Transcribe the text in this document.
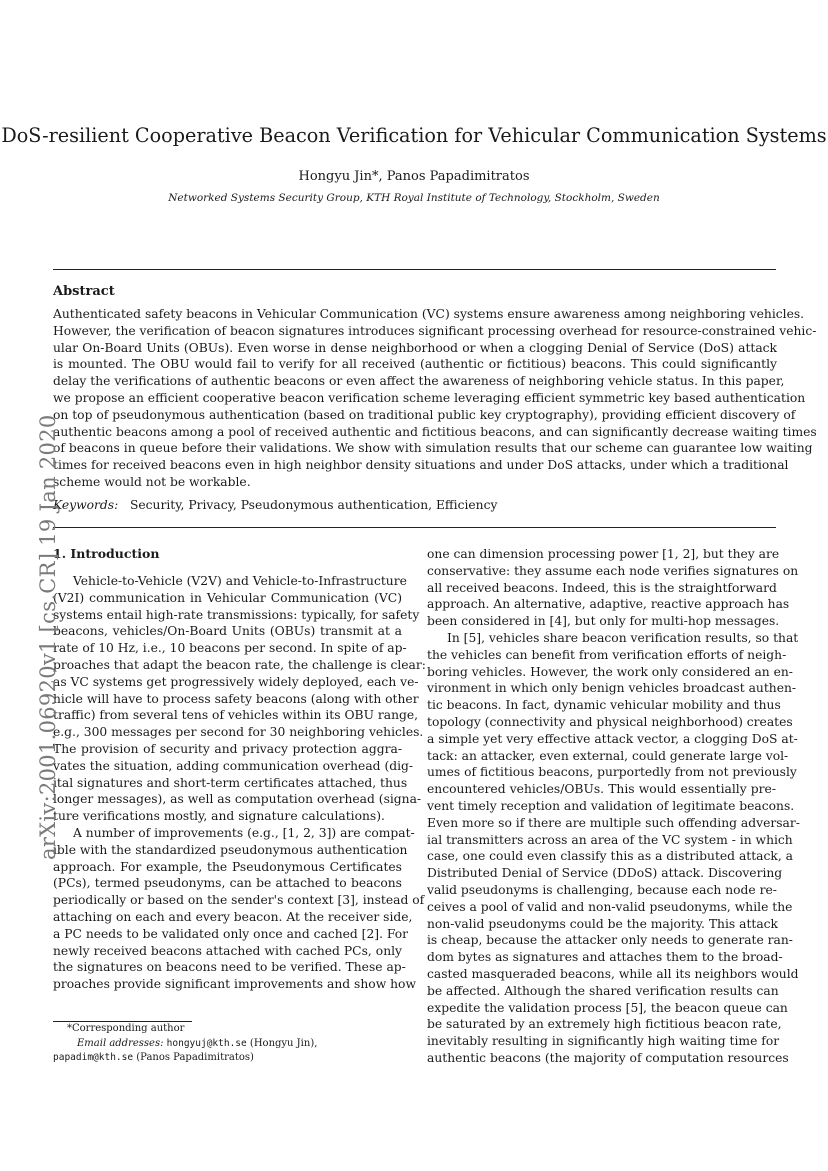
DoS-resilient Cooperative Beacon Verification for Vehicular Communication Systems
Hongyu Jin*, Panos Papadimitratos
Networked Systems Security Group, KTH Royal Institute of Technology, Stockholm, Sweden
Abstract
Authenticated safety beacons in Vehicular Communication (VC) systems ensure awareness among neighboring vehicles.
However, the verification of beacon signatures introduces significant processing overhead for resource-constrained vehic-
ular On-Board Units (OBUs). Even worse in dense neighborhood or when a clogging Denial of Service (DoS) attack
is mounted. The OBU would fail to verify for all received (authentic or fictitious) beacons. This could significantly
delay the verifications of authentic beacons or even affect the awareness of neighboring vehicle status. In this paper,
we propose an efficient cooperative beacon verification scheme leveraging efficient symmetric key based authentication
on top of pseudonymous authentication (based on traditional public key cryptography), providing efficient discovery of
authentic beacons among a pool of received authentic and fictitious beacons, and can significantly decrease waiting times
of beacons in queue before their validations. We show with simulation results that our scheme can guarantee low waiting
times for received beacons even in high neighbor density situations and under DoS attacks, under which a traditional
scheme would not be workable.
Keywords: Security, Privacy, Pseudonymous authentication, Efficiency
1. Introduction
Vehicle-to-Vehicle (V2V) and Vehicle-to-Infrastructure
(V2I) communication in Vehicular Communication (VC)
systems entail high-rate transmissions: typically, for safety
beacons, vehicles/On-Board Units (OBUs) transmit at a
rate of 10 Hz, i.e., 10 beacons per second. In spite of ap-
proaches that adapt the beacon rate, the challenge is clear:
as VC systems get progressively widely deployed, each ve-
hicle will have to process safety beacons (along with other
traffic) from several tens of vehicles within its OBU range,
e.g., 300 messages per second for 30 neighboring vehicles.
The provision of security and privacy protection aggra-
vates the situation, adding communication overhead (dig-
ital signatures and short-term certificates attached, thus
longer messages), as well as computation overhead (signa-
ture verifications mostly, and signature calculations).
A number of improvements (e.g., [1, 2, 3]) are compat-
ible with the standardized pseudonymous authentication
approach. For example, the Pseudonymous Certificates
(PCs), termed pseudonyms, can be attached to beacons
periodically or based on the sender's context [3], instead of
attaching on each and every beacon. At the receiver side,
a PC needs to be validated only once and cached [2]. For
newly received beacons attached with cached PCs, only
the signatures on beacons need to be verified. These ap-
proaches provide significant improvements and show how
one can dimension processing power [1, 2], but they are
conservative: they assume each node verifies signatures on
all received beacons. Indeed, this is the straightforward
approach. An alternative, adaptive, reactive approach has
been considered in [4], but only for multi-hop messages.
In [5], vehicles share beacon verification results, so that
the vehicles can benefit from verification efforts of neigh-
boring vehicles. However, the work only considered an en-
vironment in which only benign vehicles broadcast authen-
tic beacons. In fact, dynamic vehicular mobility and thus
topology (connectivity and physical neighborhood) creates
a simple yet very effective attack vector, a clogging DoS at-
tack: an attacker, even external, could generate large vol-
umes of fictitious beacons, purportedly from not previously
encountered vehicles/OBUs. This would essentially pre-
vent timely reception and validation of legitimate beacons.
Even more so if there are multiple such offending adversar-
ial transmitters across an area of the VC system - in which
case, one could even classify this as a distributed attack, a
Distributed Denial of Service (DDoS) attack. Discovering
valid pseudonyms is challenging, because each node re-
ceives a pool of valid and non-valid pseudonyms, while the
non-valid pseudonyms could be the majority. This attack
is cheap, because the attacker only needs to generate ran-
dom bytes as signatures and attaches them to the broad-
casted masqueraded beacons, while all its neighbors would
be affected. Although the shared verification results can
expedite the validation process [5], the beacon queue can
be saturated by an extremely high fictitious beacon rate,
inevitably resulting in significantly high waiting time for
authentic beacons (the majority of computation resources
*Corresponding author
Email addresses: hongyuj@kth.se (Hongyu Jin),
papadim@kth.se (Panos Papadimitratos)
arXiv:2001.06920v1 [cs.CR] 19 Jan 2020
